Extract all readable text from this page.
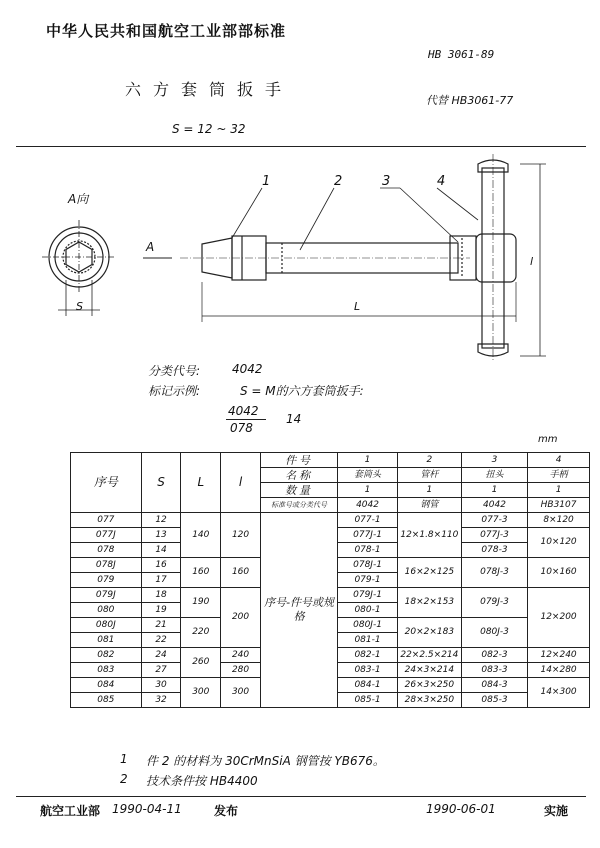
中华人民共和国航空工业部部标准
HB 3061-89
六方套筒扳手
代替 HB3061-77
S = 12 ~ 32
A向
A
S	L
l
1	2	3	4
分类代号:	4042
标记示例:	S = M的六方套筒扳手:
4042
078
14
mm
序号	S	L	l	件号	1	2	3	4
				名称	套筒头	管杆	扭头	手柄
				数量	1	1	1	1
				标准号或分类代号	4042	钢管	4042	HB3107
077	12	140	120	序号-件号或规格	077-1	12×1.8×110	077-3	8×120
077J	13				077J-1		077J-3	10×120
078	14				078-1		078-3	
078J	16	160	160		078J-1	16×2×125	078J-3	10×160
079	17				079-1			
079J	18	190	200		079J-1	18×2×153	079J-3	12×200
080	19				080-1			
080J	21	220			080J-1	20×2×183	080J-3	
081	22				081-1			
082	24	260	240		082-1	22×2.5×214	082-3	12×240
083	27		280		083-1	24×3×214	083-3	14×280
084	30	300	300		084-1	26×3×250	084-3	14×300
085	32				085-1	28×3×250	085-3	
1 件 2 的材料为 30CrMnSiA 钢管按 YB676。
2 技术条件按 HB4400
航空工业部 1990-04-11	发布	1990-06-01	实施
